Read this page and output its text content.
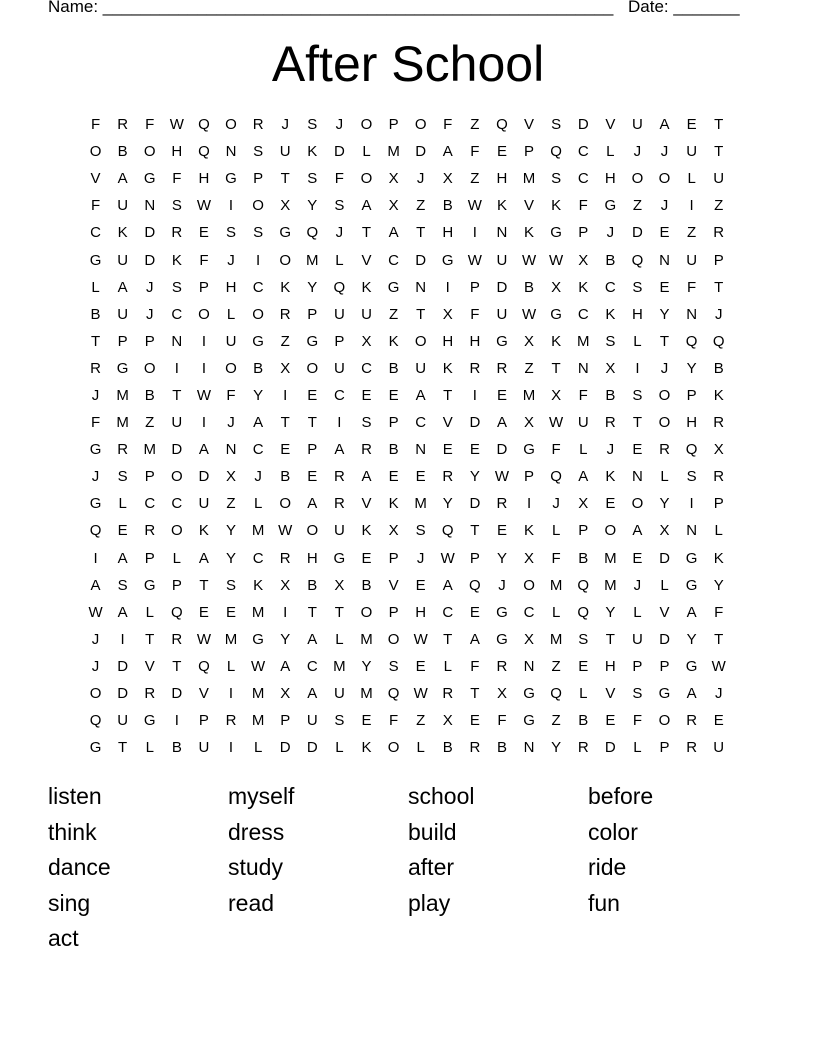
Name: ______________________________________________________ Date: _______
After School
F	R	F	W Q	O	R	J	S	J	O	P	O	F	Z	Q	V	S	D	V	U	A	E	T
O	B	O	H	Q	N	S	U	K	D	L	M	D	A	F	E	P	Q	C	L	J	J	U	T
V	A	G	F	H	G	P	T	S	F	O	X	J	X	Z	H	M	S	C	H	O	O	L	U
F	U	N	S	W	I	O	X	Y	S	A	X	Z	B	W	K	V	K	F	G	Z	J	I	Z
C	K	D	R	E	S	S	G	Q	J	T	A	T	H	I	N	K	G	P	J	D	E	Z	R
G	U	D	K	F	J	I	O	M	L	V	C	D	G W U W W	X	B	Q	N	U	P
L	A	J	S	P	H	C	K	Y	Q	K	G	N	I	P	D	B	X	K	C	S	E	F	T
B	U	J	C	O	L	O	R	P	U	U	Z	T	X	F	U W G	C	K	H	Y	N	J
T	P	P	N	I	U	G	Z	G	P	X	K	O	H	H	G	X	K	M	S	L	T	Q	Q
R	G	O	I	I	O	B	X	O	U	C	B	U	K	R	R	Z	T	N	X	I	J	Y	B
J	M	B	T	W	F	Y	I	E	C	E	E	A	T	I	E	M	X	F	B	S	O	P	K
F	M	Z	U	I	J	A	T	T	I	S	P	C	V	D	A	X	W U	R	T	O	H	R
G	R	M	D	A	N	C	E	P	A	R	B	N	E	E	D	G	F	L	J	E	R	Q	X
J	S	P	O	D	X	J	B	E	R	A	E	E	R	Y	W	P	Q	A	K	N	L	S	R
G	L	C	C	U	Z	L	O	A	R	V	K	M	Y	D	R	I	J	X	E	O	Y	I	P
Q	E	R	O	K	Y	M W O	U	K	X	S	Q	T	E	K	L	P	O	A	X	N	L
I	A	P	L	A	Y	C	R	H	G	E	P	J	W	P	Y	X	F	B	M	E	D	G	K
A	S	G	P	T	S	K	X	B	X	B	V	E	A	Q	J	O	M	Q	M	J	L	G	Y
W	A	L	Q	E	E	M	I	T	T	O	P	H	C	E	G	C	L	Q	Y	L	V	A	F
J	I	T	R W M	G	Y	A	L	M	O W	T	A	G	X	M	S	T	U	D	Y	T
J	D	V	T	Q	L	W	A	C	M	Y	S	E	L	F	R	N	Z	E	H	P	P	G W
O	D	R	D	V	I	M	X	A	U	M	Q W R	T	X	G	Q	L	V	S	G	A	J
Q	U	G	I	P	R	M	P	U	S	E	F	Z	X	E	F	G	Z	B	E	F	O	R	E
G	T	L	B	U	I	L	D	D	L	K	O	L	B	R	B	N	Y	R	D	L	P	R	U
listen	myself	school	before
think	dress	build	color
dance	study	after	ride
sing	read	play	fun
act
